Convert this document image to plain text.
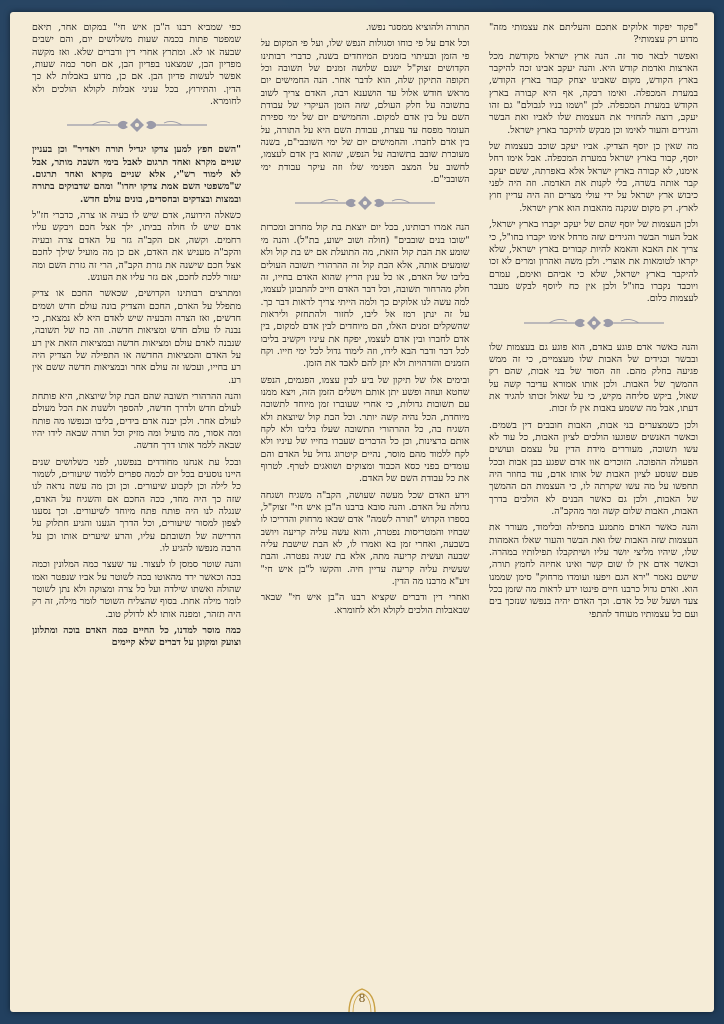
"פקוד יפקוד אלוקים אתכם והעליתם את עצמותי מזה" מדוע רק עצמותי?

ואפשר לבאר סוד זה. הנה ארץ ישראל מקודשת מכל הארצות ואדמת קודש היא. והנה יעקב אבינו זכה להיקבר בארץ הקודש, מקום שאבינו יצחק קבור בארץ הקודש, במערת המכפלה. ואימו רבקה, אף היא קבורה בארץ הקודש במערת המכפלה. לכן "ושמו בניו לגבולם" גם זהו יעקב, רוצה להחזיר את העצמות שלו לאביו ואת הבשר והגידים והעור לאימו וכן מבקש להיקבר בארץ ישראל.

מה שאין כן יוסף הצדיק. אביו יעקב שוכב בעצמות של יוסף, קבור בארץ ישראל במערת המכפלה. אבל אימו רחל אימנו, לא קבורה בארץ ישראל אלא באפרתה, ששם יעקב קבר אותה בשדה, בלי לקנות את האדמה. וזה היה לפני כיבוש ארץ ישראל על ידי עולי מצרים וזה היה עדיין חוץ לארץ. רק מקום שנקנה מהאבות הוא ארץ ישראל.

ולכן העצמות של יוסף שהם של יעקב יקברו בארץ ישראל, אבל העור הבשר והגידים שזה מרחל אימו יקברו בחו"ל, כי צריך את האבא והאמא להיות קבורים בארץ ישראל, שלא יקראו לטומאות את אוצרי. ולכן משה ואהרון ומרים לא זכו להיקבר בארץ ישראל, שלא כי אביהם ואימם, עמרם ויוכבד נקברו בחו"ל ולכן אין כח ליוסף לבקש מעבר לעצמות כלום.

והנה כאשר אדם פוגע באדם, הוא פוגע גם בעצמות שלו ובבשר ובגידים של האבות שלו מעצמיים, כי זה ממש פגיעה בחלק מהם. וזה הסוד של בני אבות, שהם רק ההמשך של האבות. ולכן אותו אמורא עדיבר קשה על שאול, ביקש סליחה מקיש, כי על שאול זכותו להגיד את דעתו, אבל מה ששמע באבות אין לו זכות.

ולכן כשמצערים בני אבות, האבות חובבים דין בשמים. וכאשר האנשים שפוגעו הולכים לציון האבות, כל עוד לא עשו תשובה, מעוררים מידת הדין על עצמם ועושים הפעולה ההפוכה. הזוכרים אוו אדם שפגע בבן אבות ובכל פעם שנוסע לציון האבות של אותו אדם, עוד בחוזר היה תחפשו על מה עשו שקרתה לו, כי העצמות הם ההמשך של האבות, ולכן גם כאשר הבנים לא הולכים בדרך האבות, האבות שלום קשה ומר מהקב"ה.

והנה כאשר האדם מתמנע בתפילה ובלימוד, מעורר את העצמות שזה האבות שלו ואת הבשר והעור שאלו האמהות שלו, שיהיו מליצי יושר עליו ושיתקבלו תפילותיו במהרה. וכאשר אדם אין לו שום קשר ואינו אחיזה לחמץ תורה, שישם נאמר "ירא הגם ויפעו ועומדו מרחוק" סימן שממנו הוא. ואדם גדול כרבנו חיים פינטו ידע לראות מה שזמן בכל צעד ושעל של כל אדם. וכך האדם יהיה בנפשו שנזכך בים ועם כל עצמותיו מעוחד להתפי

התורה ולהוציא ממסגר נפשו.

וכל אדם על פי כוחו וסגולות הנפש שלו, ועל פי המקום על פי הזמן ובעיתוי בזמנים המיוחדים בשנה, כדברי רבותינו הקדושים זצוק"ל ישנם שלושה זמנים של תשובה וכל תקופה התיקון שלה, הוא לדבר אחר. הנה החמישים יום מראש חודש אלול עד הושענא רבה, האדם צריך לשוב בתשובה על חלק העולם, שזה הזמן העיקרי של עבודת השם על בין אדם למקום. והחמישים יום של ימי ספירת העומר מפסח עד עצרת, עבודת השם היא על התורה, על בין אדם לחברו. והחמישים יום של ימי השובבי"ם, בשנה מעוברת שובב בתשובה על הנפש, שהוא בין אדם לעצמו, לחשוב על המצב הפנימי שלו וזה עיקר עבודת ימי השובבי"ם.

הנה אמרו רבותינו, בכל יום יוצאת בת קול מחרוב ומכרזת "שובו בנים שובבים" (חולה ושוב ישוע, בת"ל). והנה מי שומע את הבת קול הזאת, מה התועלת אם יש בת קול ולא שומעים אותה, אלא הבת קול זה ההרהורי תשובה העולים בליבו של האדם, או כל ענין הריץ שהוא האדם בחייו, זה חלק מהרחור תשובה, וכל דבר האדם חייב להתבונן לעצמו, למה עשה לנו אלוקים כך ולמה הייתי צריך לראות דבר כך. על זה ינתן רמז אל ליבו, לחזור ולהתחזק וליראות שהשקלים זמנים האלו, הם מיוחדים לבין אדם למקום, בין אדם לחברו ובין אדם לעצמו, יפקח את עיניו ויקשיב בליבו לכל דבר ודבר הבא לידו, וזה לימוד גדול לכל ימי חייו. וקח הזמנים והזדהויות ולא יתן להם לאבד את הזמן.

ובימים אלו של תיקון של ביע לבין עצמו, הפגמים, הנפש שחטא ועוזה ופשע יתן אותם וישלים הזמן הזה, ויצא ממנו עם תשובות גדולות, כי אחרי שעוברו זמן מיוחד לתשובה מיוחדת, הכל נהיה קשה יותר. וכל הבת קול שיוצאת ולא השגיח בה, כל ההרהורי התשובה שעלו בליבו ולא לקח אותם ברצינות, וכן כל הדברים שעברו בחייו של עיניו ולא לקח ללמוד מהם מוסר, נהיים קיטרוג גדול על האדם והם עומדים בפני כסא הכבוד ומצוקים ושואגים לטרף. לטרוף את כל עבודת השם של האדם.

וידע האדם שכל מעשה שעושה, הקב"ה משגיח ושגחה גדולה על האדם. והנה סובא ברבנו ה"בן איש חי" זצוק"ל, בספרו הקדוש "תורה לשמה" אדם שבאו מרחוק והדריכו לו שבחיו והמטריסות נפטרה, והוא עשה עליה קריעה ויושב בשבעה, ואחרי זמן בא ואמרו לו, לא הבת שישבת עליה שבעה ועשית קריעה מתה, אלא בת שניה נפטרה. והבת שעשית עליה קריעה עדיין חיה. והקשו ל"בן איש חי" זיע"א מרבנו מה הדין.

ואחרי דין ודברים שקציא רבנו ה"בן איש חי" שבאר שבאבלות הולכים לקולא ולא לחומרא.

כפי שמביא רבנו ה"בן איש חי" במקום אחר, תיאם שמפטר פתות בכמה שעות משלושים יום, והם ישבים שבעה או לא. ומתרץ אחרי דין ודברים שלא. ואז מקשה מפדיון הבן, שמצאנו בפדיון הבן, אם חסר כמה שעות, אפשר לעשות פדיון הבן. אם כן, מדוע באבלות לא כך הדין. והתירוץ, בכל עניני אבלות לקולא הולכים ולא לחומרא.

"השם חפץ למען צדקו יגדיל תורה ויאדיר" וכן בעניין שניים מקרא ואחד תרגום לאבל בימי השבת מותר, אבל לא לימוד רש"י, אלא שניים מקרא ואחד תרגום. ש"משפטי השם אמת צדקו יחדו" ומהם שדבוקים בתורה ובמצות ובצדקים ובחסדים, בונים עולם חדש.

כשאלה הידועה, אדם שיש לו בעיה או צרה, כדברי חז"ל אדם שיש לו חולה בביתו, ילך אצל חכם ויבקש עליו רחמים. וקשה, אם הקב"ה גזר על האדם צרה ובעיה והקב"ה מעניש את האדם, אם כן מה מועיל שילך לחכם אצל חכם שישנה את גזרת הקב"ה, הרי זה גזרת השם ומה יעזור ללכת לחכם, אם גזר עליו את העונש.

ומתרצים רבותינו הקדושים, שכאשר החכם או צדיק מתפלל על האדם, החכם והצדיק בונה עולם חדש ושמים חדשים, ואז הצרה והבעיה שיש לאדם היא לא נמצאת, כי נבנה לו עולם חדש ומציאות חדשה. וזה כח של תשובה, שנבנה לאדם עולם ומציאות חדשה ובמציאות הזאת אין רע על האדם והמציאות החדשה או התפילה של הצדיק היה רע בחייו, ועכשו זה עולם אחר ובמציאות חדשה ששם אין רע.

והנה ההרהורי תשובה שהם הבת קול שיוצאת, היא פותחת לעולם חדש ולדרך חדשה, להספך ולשנות את הכל מעולם לעולם אחר. ולכן יבנה אדם בידים, בליבו ובנפשו מה פותח ומה אסור, מה מועיל ומה מזיק וכל תורה שבאה לידו יהיו שבאה ללמד אותו דרך חדשה.

ובכל עת אנחנו מחודדים בנפשנו, לפני כשלושים שנים היינו נוסעים בכל יום לכמה ספרים ללמוד שיעורים, לשמור כל לילה וכן לקבוע שיעורים. וכן וכן מה עשה נראה לנו שזה כך היה מחד, ככה החכם אם והשגיח על האדם, שנגלה לנו היה פותח פתח מיוחד לשיעורים. וכך נסענו לצפון למסור שיעורים, וכל הדרך הגענו והגיע חתלוק על הדרישה של תשובתם עליו, והרע שיערים אותו וכן על הרבה מנפשו להגיע לו.

והנה שוטר סמסן לו לעצור. עד שעצר כמה המלונין וכמה בכה וכאשר ירד מהאוטו בכה לשוטר על אביו שנפטר ואמו שהולה ואשתו שילדה ועל כל צרה ומצוקה ולא נתן לשוטר לומר מילה אחת. בסוף שהצליח השוטר לומר מילה, זה רק היה תזהר, ומפנה אותו לא לדולק טוב.

כמה מוסר למדנו, כל החיים כמה האדם בוכה ומתלונן וצועק ומקונן על דברים שלא קיימים

8
